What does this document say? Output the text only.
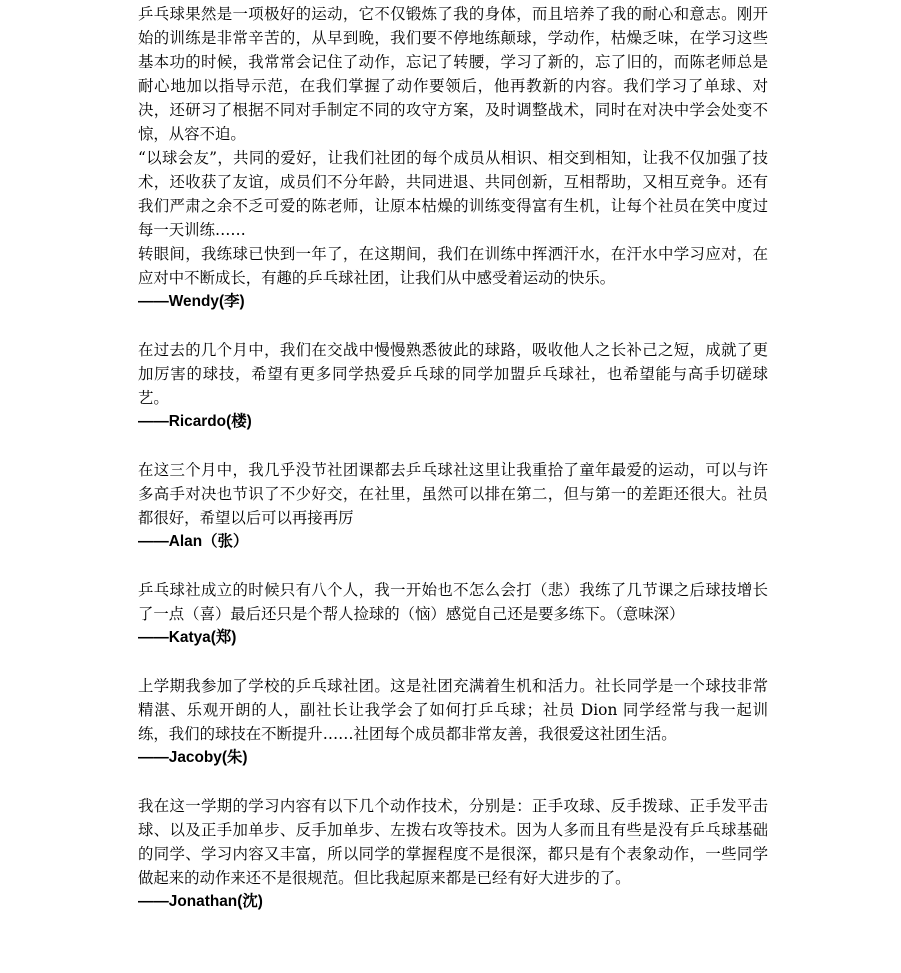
乒乓球果然是一项极好的运动，它不仅锻炼了我的身体，而且培养了我的耐心和意志。刚开始的训练是非常辛苦的，从早到晚，我们要不停地练颠球，学动作，枯燥乏味，在学习这些基本功的时候，我常常会记住了动作，忘记了转腰，学习了新的，忘了旧的，而陈老师总是耐心地加以指导示范，在我们掌握了动作要领后，他再教新的内容。我们学习了单球、对决，还研习了根据不同对手制定不同的攻守方案，及时调整战术，同时在对决中学会处变不惊，从容不迫。

“以球会友”，共同的爱好，让我们社团的每个成员从相识、相交到相知，让我不仅加强了技术，还收获了友谊，成员们不分年龄，共同进退、共同创新，互相帮助，又相互竞争。还有我们严肃之余不乏可爱的陈老师，让原本枯燥的训练变得富有生机，让每个社员在笑中度过每一天训练……

转眼间，我练球已快到一年了，在这期间，我们在训练中挥洒汗水，在汗水中学习应对，在应对中不断成长，有趣的乒乓球社团，让我们从中感受着运动的快乐。

——Wendy(李)

在过去的几个月中，我们在交战中慢慢熟悉彼此的球路，吸收他人之长补己之短，成就了更加厉害的球技，希望有更多同学热爱乒乓球的同学加盟乒乓球社，也希望能与高手切磋球艺。

——Ricardo(楼)

在这三个月中，我几乎没节社团课都去乒乓球社这里让我重拾了童年最爱的运动，可以与许多高手对决也节识了不少好交，在社里，虽然可以排在第二，但与第一的差距还很大。社员都很好，希望以后可以再接再厉

——Alan（张）

乒乓球社成立的时候只有八个人，我一开始也不怎么会打（悲）我练了几节课之后球技增长了一点（喜）最后还只是个帮人捡球的（恼）感觉自己还是要多练下。（意味深）

——Katya(郑)

上学期我参加了学校的乒乓球社团。这是社团充满着生机和活力。社长同学是一个球技非常精湛、乐观开朗的人，副社长让我学会了如何打乒乓球；社员 Dion 同学经常与我一起训练，我们的球技在不断提升……社团每个成员都非常友善，我很爱这社团生活。

——Jacoby(朱)

我在这一学期的学习内容有以下几个动作技术，分别是：正手攻球、反手拨球、正手发平击球、以及正手加单步、反手加单步、左拨右攻等技术。因为人多而且有些是没有乒乓球基础的同学、学习内容又丰富，所以同学的掌握程度不是很深，都只是有个表象动作，一些同学做起来的动作来还不是很规范。但比我起原来都是已经有好大进步的了。

——Jonathan(沈)
